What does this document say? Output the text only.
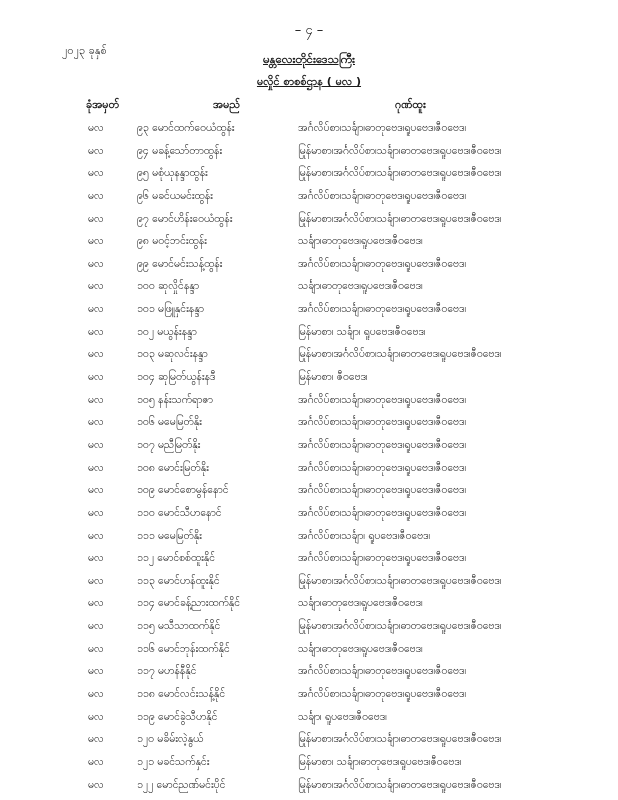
– ၄ –
၂၀၂၃ ခုနှစ်
မန္တလေးတိုင်းဒေသကြီး
မလှိုင် စာစစ်ဌာန ( မလ )
ခုံအမှတ်	အမည်	ဂုဏ်ထူး
မလ	၉၃ မောင်ထက်ဝေယံထွန်း	အင်္ဂလိပ်စာ၊သင်္ချာ၊ဓာတုဗေဒ၊ရူပဗေဒ၊ဇီဝဗေဒ၊
မလ	၉၄ မခန့်သော်တာထွန်း	မြန်မာစာ၊အင်္ဂလိပ်စာ၊သင်္ချာ၊ဓာတုဗေဒ၊ရူပဗေဒ၊ဇီဝဗေဒ၊
မလ	၉၅ မစုံယုနန္ဒာထွန်း	မြန်မာစာ၊အင်္ဂလိပ်စာ၊သင်္ချာ၊ဓာတုဗေဒ၊ရူပဗေဒ၊ဇီဝဗေဒ၊
မလ	၉၆ မခင်ယမင်းထွန်း	အင်္ဂလိပ်စာ၊သင်္ချာ၊ဓာတုဗေဒ၊ရူပဗေဒ၊ဇီဝဗေဒ၊
မလ	၉၇ မောင်ဟိန်းဝေယံထွန်း	မြန်မာစာ၊အင်္ဂလိပ်စာ၊သင်္ချာ၊ဓာတုဗေဒ၊ရူပဗေဒ၊ဇီဝဗေဒ၊
မလ	၉၈ မဝင့်ဘင်းထွန်း	သင်္ချာ၊ဓာတုဗေဒ၊ရူပဗေဒ၊ဇီဝဗေဒ၊
မလ	၉၉ မောင်မင်းသန့်ထွန်း	အင်္ဂလိပ်စာ၊သင်္ချာ၊ဓာတုဗေဒ၊ရူပဗေဒ၊ဇီဝဗေဒ၊
မလ	၁၀၀ ဆုလှိုင်နန္ဒာ	သင်္ချာ၊ဓာတုဗေဒ၊ရူပဗေဒ၊ဇီဝဗေဒ၊
မလ	၁၀၁ မဖြူနှင်းနန္ဒာ	အင်္ဂလိပ်စာ၊သင်္ချာ၊ဓာတုဗေဒ၊ရူပဗေဒ၊ဇီဝဗေဒ၊
မလ	၁၀၂ မယွန်းနန္ဒာ	မြန်မာစာ၊ သင်္ချာ၊ ရူပဗေဒ၊ဇီဝဗေဒ၊
မလ	၁၀၃ မဆုလင်းနန္ဒာ	မြန်မာစာ၊အင်္ဂလိပ်စာ၊သင်္ချာ၊ဓာတုဗေဒ၊ရူပဗေဒ၊ဇီဝဗေဒ၊
မလ	၁၀၄ ဆုမြတ်ယွန်းနဒီ	မြန်မာစာ၊ ဇီဝဗေဒ၊
မလ	၁၀၅ နန်းသက်ရာဇာ	အင်္ဂလိပ်စာ၊သင်္ချာ၊ဓာတုဗေဒ၊ရူပဗေဒ၊ဇီဝဗေဒ၊
မလ	၁၀၆ မမေမြတ်နိုး	အင်္ဂလိပ်စာ၊သင်္ချာ၊ဓာတုဗေဒ၊ရူပဗေဒ၊ဇီဝဗေဒ၊
မလ	၁၀၇ မညီမြတ်နိုး	အင်္ဂလိပ်စာ၊သင်္ချာ၊ဓာတုဗေဒ၊ရူပဗေဒ၊ဇီဝဗေဒ၊
မလ	၁၀၈ မောင်းမြတ်နိုး	အင်္ဂလိပ်စာ၊သင်္ချာ၊ဓာတုဗေဒ၊ရူပဗေဒ၊ဇီဝဗေဒ၊
မလ	၁၀၉ မောင်စောမွန်နောင်	အင်္ဂလိပ်စာ၊သင်္ချာ၊ဓာတုဗေဒ၊ရူပဗေဒ၊ဇီဝဗေဒ၊
မလ	၁၁၀ မောင်သီဟနောင်	အင်္ဂလိပ်စာ၊သင်္ချာ၊ဓာတုဗေဒ၊ရူပဗေဒ၊ဇီဝဗေဒ၊
မလ	၁၁၁ မမေမြတ်နိုး	အင်္ဂလိပ်စာ၊သင်္ချာ၊ ရူပဗေဒ၊ဇီဝဗေဒ၊
မလ	၁၁၂ မောင်စစ်ထူးနိုင်	အင်္ဂလိပ်စာ၊သင်္ချာ၊ဓာတုဗေဒ၊ရူပဗေဒ၊ဇီဝဗေဒ၊
မလ	၁၁၃ မောင်ဟန်ထူးနိုင်	မြန်မာစာ၊အင်္ဂလိပ်စာ၊သင်္ချာ၊ဓာတုဗေဒ၊ရူပဗေဒ၊ဇီဝဗေဒ၊
မလ	၁၁၄ မောင်ခန့်ညားထက်နိုင်	သင်္ချာ၊ဓာတုဗေဒ၊ရူပဗေဒ၊ဇီဝဗေဒ၊
မလ	၁၁၅ မသီသာထက်နိုင်	မြန်မာစာ၊အင်္ဂလိပ်စာ၊သင်္ချာ၊ဓာတုဗေဒ၊ရူပဗေဒ၊ဇီဝဗေဒ၊
မလ	၁၁၆ မောင်ဘုန်းထက်နိုင်	သင်္ချာ၊ဓာတုဗေဒ၊ရူပဗေဒ၊ဇီဝဗေဒ၊
မလ	၁၁၇ မဟန်နီနိုင်	အင်္ဂလိပ်စာ၊သင်္ချာ၊ဓာတုဗေဒ၊ရူပဗေဒ၊ဇီဝဗေဒ၊
မလ	၁၁၈ မောင်လင်းသန့်နိုင်	အင်္ဂလိပ်စာ၊သင်္ချာ၊ဓာတုဗေဒ၊ရူပဗေဒ၊ဇီဝဗေဒ၊
မလ	၁၁၉ မောင်ခွဲသီဟနိုင်	သင်္ချာ၊ ရူပဗေဒ၊ဇီဝဗေဒ၊
မလ	၁၂၀ မခိမ်းလဲ့နွယ်	မြန်မာစာ၊အင်္ဂလိပ်စာ၊သင်္ချာ၊ဓာတုဗေဒ၊ရူပဗေဒ၊ဇီဝဗေဒ၊
မလ	၁၂၁ မခင်သက်နှင်း	မြန်မာစာ၊ သင်္ချာ၊ဓာတုဗေဒ၊ရူပဗေဒ၊ဇီဝဗေဒ၊
မလ	၁၂၂ မောင်ညဏ်မင်းပိုင်	မြန်မာစာ၊အင်္ဂလိပ်စာ၊သင်္ချာ၊ဓာတုဗေဒ၊ရူပဗေဒ၊ဇီဝဗေဒ၊
